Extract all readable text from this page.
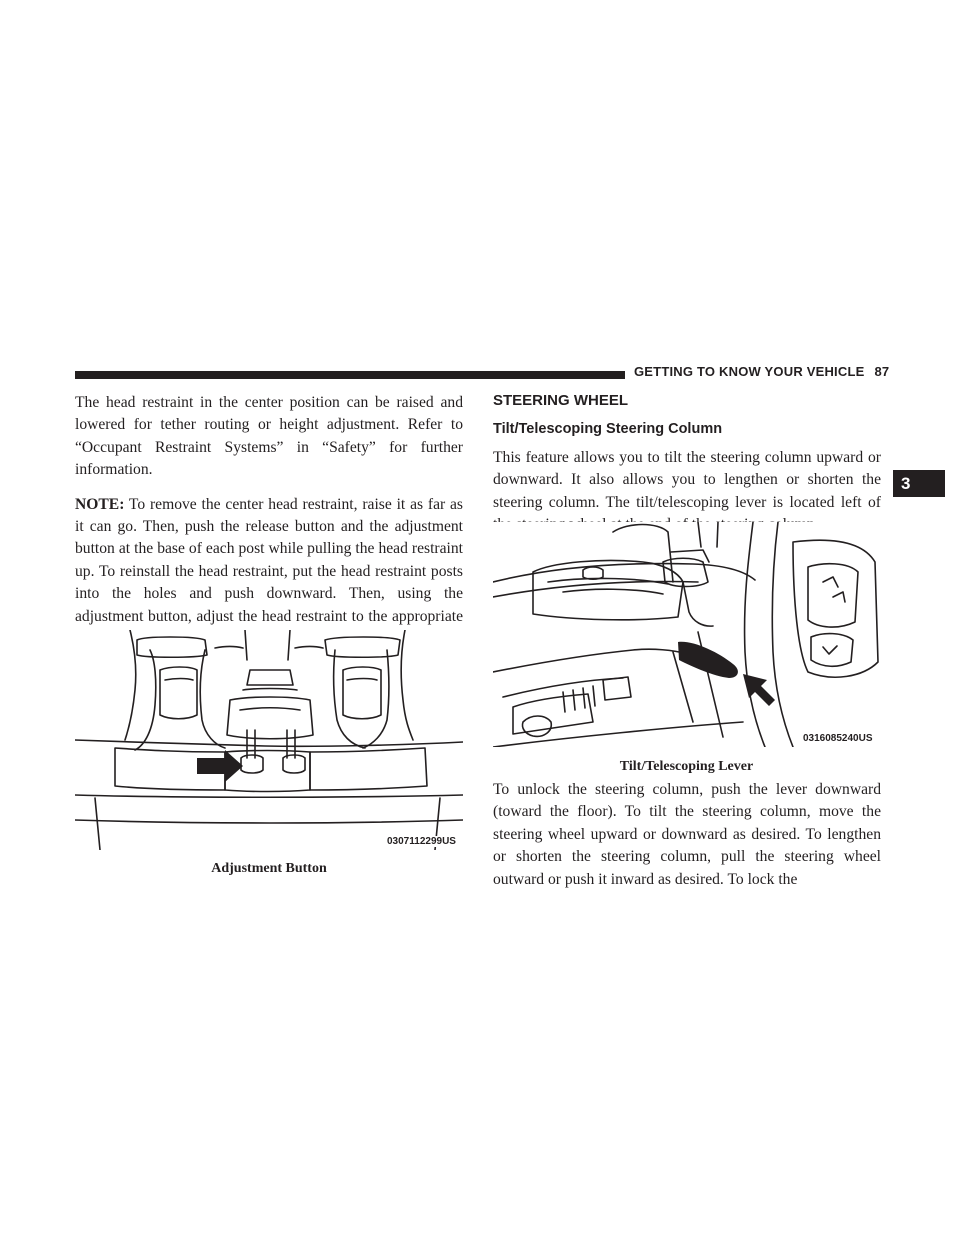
GETTING TO KNOW YOUR VEHICLE 87
3

The head restraint in the center position can be raised and lowered for tether routing or height adjustment. Refer to “Occupant Restraint Systems” in “Safety” for further information.

NOTE: To remove the center head restraint, raise it as far as it can go. Then, push the release button and the adjustment button at the base of each post while pulling the head restraint up. To reinstall the head restraint, put the head restraint posts into the holes and push downward. Then, using the adjustment button, adjust the head restraint to the appropriate

0307112299US
Adjustment Button
STEERING WHEEL
Tilt/Telescoping Steering Column

This feature allows you to tilt the steering column upward or downward. It also allows you to lengthen or shorten the steering column. The tilt/telescoping lever is located left of

0316085240US
Tilt/Telescoping Lever

To unlock the steering column, push the lever downward (toward the floor). To tilt the steering column, move the steering wheel upward or downward as desired. To lengthen or shorten the steering column, pull the steering wheel outward or push it inward as desired. To lock the
